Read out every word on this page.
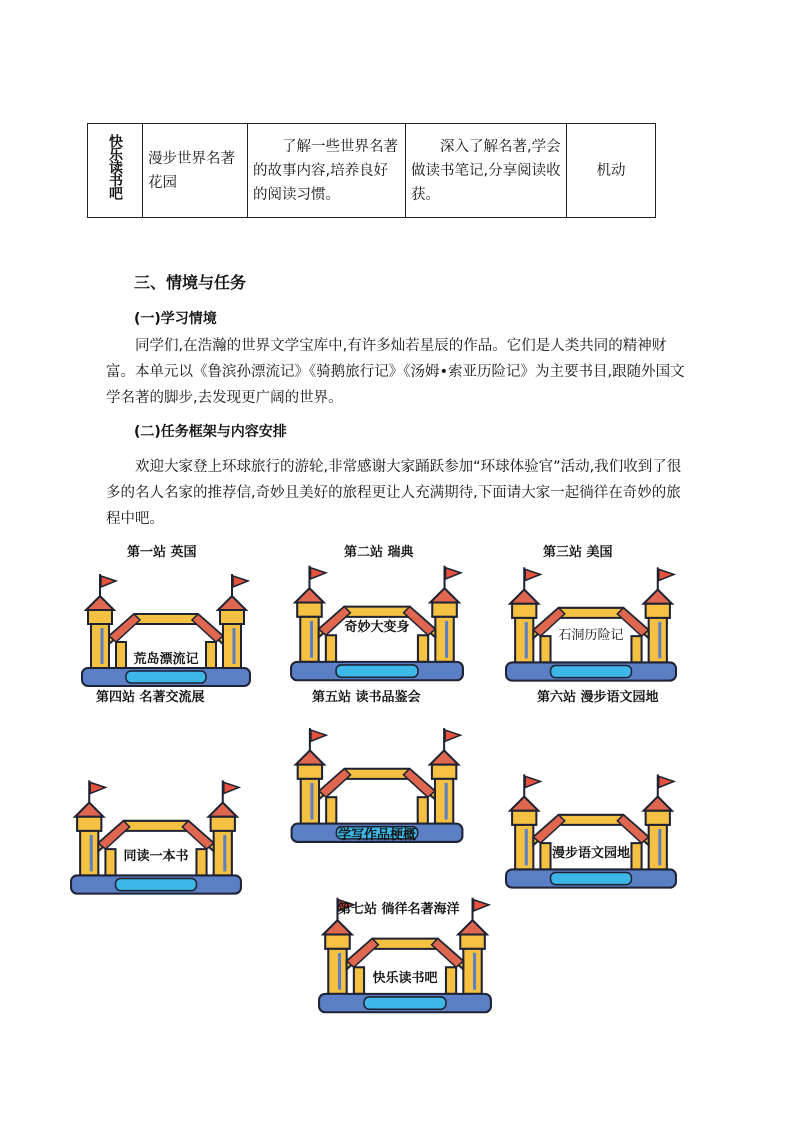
快乐读书吧	漫步世界名著花园	了解一些世界名著的故事内容,培养良好的阅读习惯。	深入了解名著,学会做读书笔记,分享阅读收获。	机动
三、情境与任务
(一)学习情境
同学们,在浩瀚的世界文学宝库中,有许多灿若星辰的作品。它们是人类共同的精神财富。本单元以《鲁滨孙漂流记》《骑鹅旅行记》《汤姆•索亚历险记》为主要书目,跟随外国文学名著的脚步,去发现更广阔的世界。
(二)任务框架与内容安排
欢迎大家登上环球旅行的游轮,非常感谢大家踊跃参加“环球体验官”活动,我们收到了很多的名人名家的推荐信,奇妙且美好的旅程更让人充满期待,下面请大家一起徜徉在奇妙的旅程中吧。
第一站 英国	第二站 瑞典	第三站 美国
第四站 名著交流展	第五站 读书品鉴会	第六站 漫步语文园地
荒岛漂流记
奇妙大变身
石洞历险记
同读一本书
学写作品梗概
漫步语文园地
快乐读书吧
第七站 徜徉名著海洋
